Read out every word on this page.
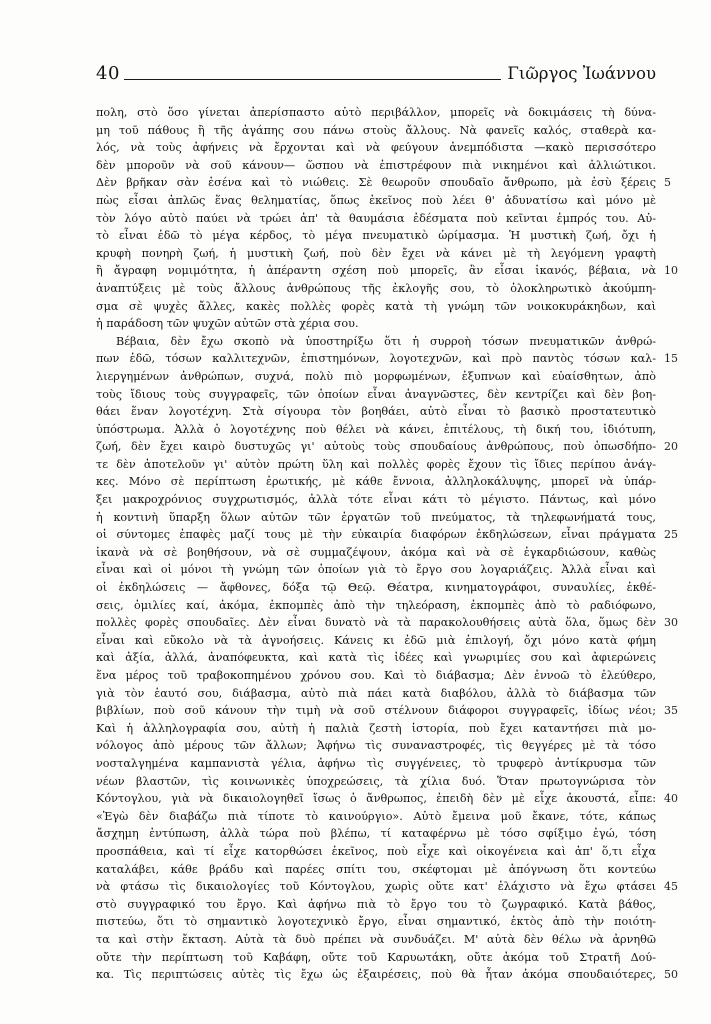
40	Γιῶργος Ἰωάννου
πολη, στὸ ὅσο γίνεται ἀπερίσπαστο αὐτὸ περιβάλλον, μπορεῖς νὰ δοκιμάσεις τὴ δύνα-
μη τοῦ πάθους ἢ τῆς ἀγάπης σου πάνω στοὺς ἄλλους. Νὰ φανεῖς καλός, σταθερὰ κα-
λός, νὰ τοὺς ἀφήνεις νὰ ἔρχονται καὶ νὰ φεύγουν ἀνεμπόδιστα —κακὸ περισσότερο
δὲν μποροῦν νὰ σοῦ κάνουν— ὥσπου νὰ ἐπιστρέφουν πιὰ νικημένοι καὶ ἀλλιώτικοι.
Δὲν βρῆκαν σὰν ἐσένα καὶ τὸ νιώθεις. Σὲ θεωροῦν σπουδαῖο ἄνθρωπο, μὰ ἐσὺ ξέρεις
πὼς εἶσαι ἁπλῶς ἕνας θεληματίας, ὅπως ἐκεῖνος ποὺ λέει θ' ἀδυνατίσω καὶ μόνο μὲ
τὸν λόγο αὐτὸ παύει νὰ τρώει ἀπ' τὰ θαυμάσια ἐδέσματα ποὺ κεῖνται ἐμπρός του. Αὐ-
τὸ εἶναι ἐδῶ τὸ μέγα κέρδος, τὸ μέγα πνευματικὸ ὡρίμασμα. Ἡ μυστικὴ ζωή, ὄχι ἡ
κρυφὴ πονηρὴ ζωή, ἡ μυστικὴ ζωή, ποὺ δὲν ἔχει νὰ κάνει μὲ τὴ λεγόμενη γραφτὴ
ἢ ἄγραφη νομιμότητα, ἡ ἀπέραντη σχέση ποὺ μπορεῖς, ἂν εἶσαι ἱκανός, βέβαια, νὰ
ἀναπτύξεις μὲ τοὺς ἄλλους ἀνθρώπους τῆς ἐκλογῆς σου, τὸ ὁλοκληρωτικὸ ἀκούμπη-
σμα σὲ ψυχὲς ἄλλες, κακὲς πολλὲς φορὲς κατὰ τὴ γνώμη τῶν νοικοκυράκηδων, καὶ
ἡ παράδοση τῶν ψυχῶν αὐτῶν στὰ χέρια σου.
Βέβαια, δὲν ἔχω σκοπὸ νὰ ὑποστηρίξω ὅτι ἡ συρροὴ τόσων πνευματικῶν ἀνθρώ-
πων ἐδῶ, τόσων καλλιτεχνῶν, ἐπιστημόνων, λογοτεχνῶν, καὶ πρὸ παντὸς τόσων καλ-
λιεργημένων ἀνθρώπων, συχνά, πολὺ πιὸ μορφωμένων, ἐξυπνων καὶ εὐαίσθητων, ἀπὸ
τοὺς ἴδιους τοὺς συγγραφεῖς, τῶν ὁποίων εἶναι ἀναγνῶστες, δὲν κεντρίζει καὶ δὲν βοη-
θάει ἕναν λογοτέχνη. Στὰ σίγουρα τὸν βοηθάει, αὐτὸ εἶναι τὸ βασικὸ προστατευτικὸ
ὑπόστρωμα. Ἀλλὰ ὁ λογοτέχνης ποὺ θέλει νὰ κάνει, ἐπιτέλους, τὴ δική του, ἰδιότυπη,
ζωή, δὲν ἔχει καιρὸ δυστυχῶς γι' αὐτοὺς τοὺς σπουδαίους ἀνθρώπους, ποὺ ὁπωσδήπο-
τε δὲν ἀποτελοῦν γι' αὐτὸν πρώτη ὕλη καὶ πολλὲς φορὲς ἔχουν τὶς ἴδιες περίπου ἀνάγ-
κες. Μόνο σὲ περίπτωση ἐρωτικής, μὲ κάθε ἔννοια, ἀλληλοκάλυψης, μπορεῖ νὰ ὑπάρ-
ξει μακροχρόνιος συγχρωτισμός, ἀλλὰ τότε εἶναι κάτι τὸ μέγιστο. Πάντως, καὶ μόνο
ἡ κοντινὴ ὕπαρξη ὅλων αὐτῶν τῶν ἐργατῶν τοῦ πνεύματος, τὰ τηλεφωνήματά τους,
οἱ σύντομες ἐπαφὲς μαζί τους μὲ τὴν εὐκαιρία διαφόρων ἐκδηλώσεων, εἶναι πράγματα
ἱκανὰ νὰ σὲ βοηθήσουν, νὰ σὲ συμμαζέψουν, ἀκόμα καὶ νὰ σὲ ἐγκαρδιώσουν, καθὼς
εἶναι καὶ οἱ μόνοι τὴ γνώμη τῶν ὁποίων γιὰ τὸ ἔργο σου λογαριάζεις. Ἀλλὰ εἶναι καὶ
οἱ ἐκδηλώσεις — ἄφθονες, δόξα τῷ Θεῷ. Θέατρα, κινηματογράφοι, συναυλίες, ἐκθέ-
σεις, ὁμιλίες καί, ἀκόμα, ἐκπομπὲς ἀπὸ τὴν τηλεόραση, ἐκπομπὲς ἀπὸ τὸ ραδιόφωνο,
πολλὲς φορὲς σπουδαῖες. Δὲν εἶναι δυνατὸ νὰ τὰ παρακολουθήσεις αὐτὰ ὅλα, ὅμως δὲν
εἶναι καὶ εὔκολο νὰ τὰ ἀγνοήσεις. Κάνεις κι ἐδῶ μιὰ ἐπιλογή, ὄχι μόνο κατὰ φήμη
καὶ ἀξία, ἀλλά, ἀναπόφευκτα, καὶ κατὰ τὶς ἰδέες καὶ γνωριμίες σου καὶ ἀφιερώνεις
ἕνα μέρος τοῦ τραβοκοπημένου χρόνου σου. Καὶ τὸ διάβασμα; Δὲν ἐννοῶ τὸ ἐλεύθερο,
γιὰ τὸν ἑαυτό σου, διάβασμα, αὐτὸ πιὰ πάει κατὰ διαβόλου, ἀλλὰ τὸ διάβασμα τῶν
βιβλίων, ποὺ σοῦ κάνουν τὴν τιμὴ νὰ σοῦ στέλνουν διάφοροι συγγραφεῖς, ἰδίως νέοι;
Καὶ ἡ ἀλληλογραφία σου, αὐτὴ ἡ παλιὰ ζεστὴ ἱστορία, ποὺ ἔχει καταντήσει πιὰ μο-
νόλογος ἀπὸ μέρους τῶν ἄλλων; Ἀφήνω τὶς συναναστροφές, τὶς θεγγέρες μὲ τὰ τόσο
νοσταλγημένα καμπανιστὰ γέλια, ἀφήνω τὶς συγγένειες, τὸ τρυφερὸ ἀντίκρυσμα τῶν
νέων βλαστῶν, τὶς κοινωνικὲς ὑποχρεώσεις, τὰ χίλια δυό. Ὅταν πρωτογνώρισα τὸν
Κόντογλου, γιὰ νὰ δικαιολογηθεῖ ἴσως ὁ ἄνθρωπος, ἐπειδὴ δὲν μὲ εἶχε ἀκουστά, εἶπε:
«Ἐγὼ δὲν διαβάζω πιὰ τίποτε τὸ καινούργιο». Αὐτὸ ἔμεινα μοῦ ἔκανε, τότε, κάπως
ἄσχημη ἐντύπωση, ἀλλὰ τώρα ποὺ βλέπω, τί καταφέρνω μὲ τόσο σφίξιμο ἐγώ, τόση
προσπάθεια, καὶ τί εἶχε κατορθώσει ἐκεῖνος, ποὺ εἶχε καὶ οἰκογένεια καὶ ἀπ' ὅ,τι εἶχα
καταλάβει, κάθε βράδυ καὶ παρέες σπίτι του, σκέφτομαι μὲ ἀπόγνωση ὅτι κοντεύω
νὰ φτάσω τὶς δικαιολογίες τοῦ Κόντογλου, χωρὶς οὔτε κατ' ἐλάχιστο νὰ ἔχω φτάσει
στὸ συγγραφικό του ἔργο. Καὶ ἀφήνω πιὰ τὸ ἔργο του τὸ ζωγραφικό. Κατὰ βάθος,
πιστεύω, ὅτι τὸ σημαντικὸ λογοτεχνικὸ ἔργο, εἶναι σημαντικό, ἐκτὸς ἀπὸ τὴν ποιότη-
τα καὶ στὴν ἔκταση. Αὐτὰ τὰ δυὸ πρέπει νὰ συνδυάζει. Μ' αὐτὰ δὲν θέλω νὰ ἀρνηθῶ
οὔτε τὴν περίπτωση τοῦ Καβάφη, οὔτε τοῦ Καρυωτάκη, οὔτε ἀκόμα τοῦ Στρατῆ Δού-
κα. Τὶς περιπτώσεις αὐτὲς τὶς ἔχω ὡς ἐξαιρέσεις, ποὺ θὰ ἦταν ἀκόμα σπουδαιότερες,
5
10
15
20
25
30
35
40
45
50
